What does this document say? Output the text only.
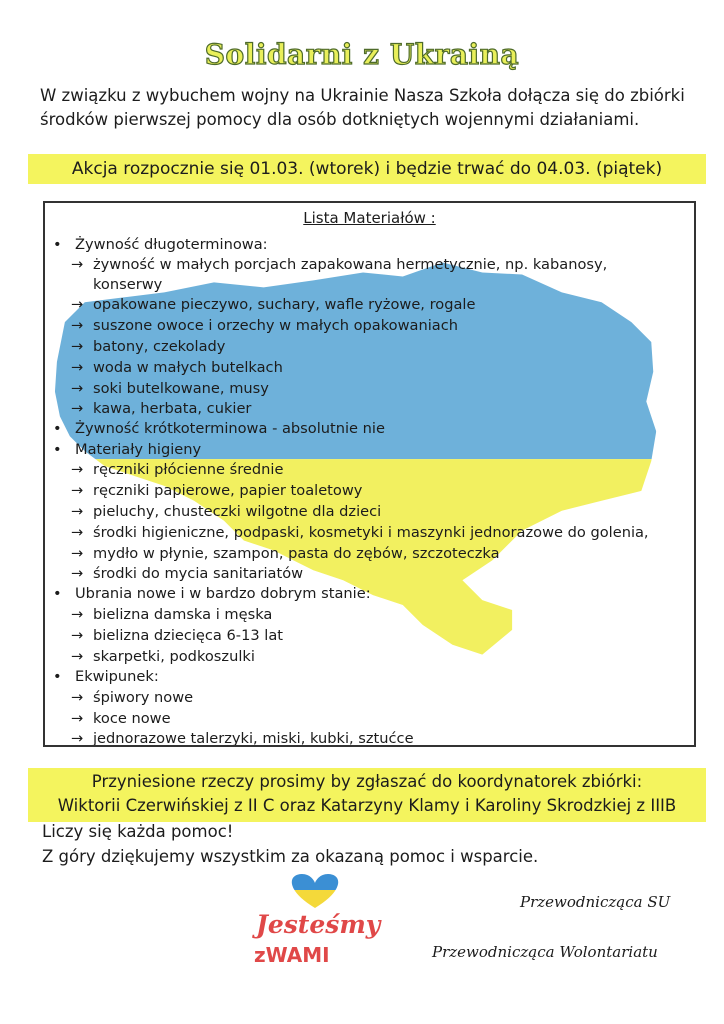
Solidarni z Ukrainą
W związku z wybuchem wojny na Ukrainie Nasza Szkoła dołącza się do zbiórki środków pierwszej pomocy dla osób dotkniętych wojennymi działaniami.
Akcja rozpocznie się 01.03. (wtorek) i będzie trwać do 04.03. (piątek)
Lista Materiałów :
• Żywność długoterminowa:
→ żywność w małych porcjach zapakowana hermetycznie, np. kabanosy,
konserwy
→ opakowane pieczywo, suchary, wafle ryżowe, rogale
→ suszone owoce i orzechy w małych opakowaniach
→ batony, czekolady
→ woda w małych butelkach
→ soki butelkowane, musy
→ kawa, herbata, cukier
• Żywność krótkoterminowa - absolutnie nie
• Materiały higieny
→ ręczniki płócienne średnie
→ ręczniki papierowe, papier toaletowy
→ pieluchy, chusteczki wilgotne dla dzieci
→ środki higieniczne, podpaski, kosmetyki i maszynki jednorazowe do golenia,
→ mydło w płynie, szampon, pasta do zębów, szczoteczka
→ środki do mycia sanitariatów
• Ubrania nowe i w bardzo dobrym stanie:
→ bielizna damska i męska
→ bielizna dziecięca 6-13 lat
→ skarpetki, podkoszulki
• Ekwipunek:
→ śpiwory nowe
→ koce nowe
→ jednorazowe talerzyki, miski, kubki, sztućce
Przyniesione rzeczy prosimy by zgłaszać do koordynatorek zbiórki:
Wiktorii Czerwińskiej z II C oraz Katarzyny Klamy i Karoliny Skrodzkiej z IIIB
Liczy się każda pomoc!
Z góry dziękujemy wszystkim za okazaną pomoc i wsparcie.
Jesteśmy
zWAMI
Przewodnicząca SU
Przewodnicząca Wolontariatu
